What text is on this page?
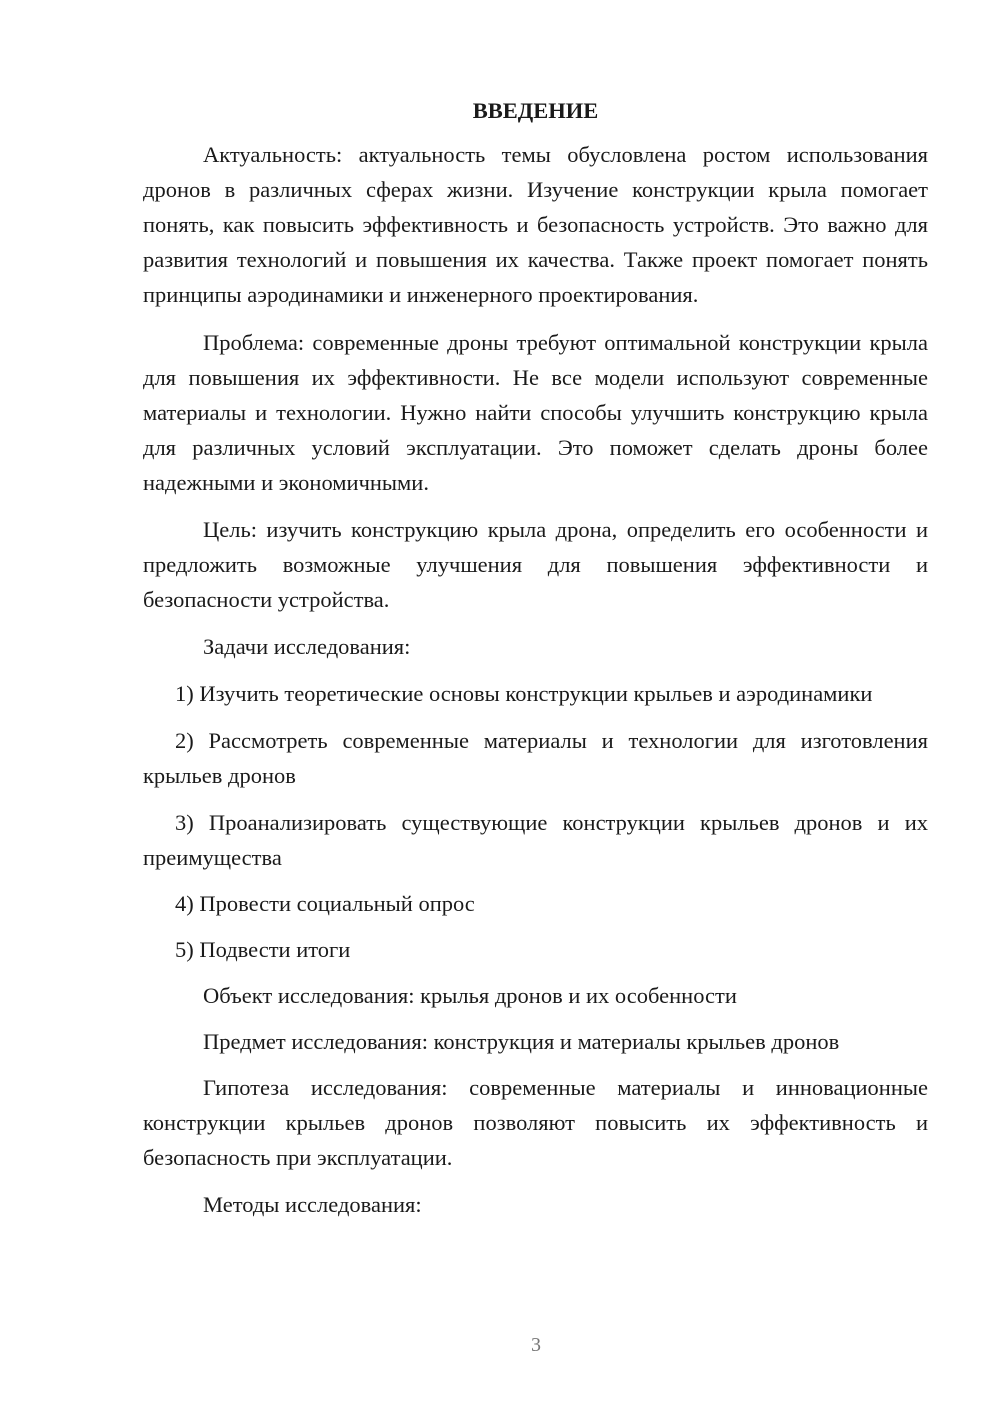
ВВЕДЕНИЕ

Актуальность: актуальность темы обусловлена ростом использования дронов в различных сферах жизни. Изучение конструкции крыла помогает понять, как повысить эффективность и безопасность устройств. Это важно для развития технологий и повышения их качества. Также проект помогает понять принципы аэродинамики и инженерного проектирования.

Проблема: современные дроны требуют оптимальной конструкции крыла для повышения их эффективности. Не все модели используют современные материалы и технологии. Нужно найти способы улучшить конструкцию крыла для различных условий эксплуатации. Это поможет сделать дроны более надежными и экономичными.

Цель: изучить конструкцию крыла дрона, определить его особенности и предложить возможные улучшения для повышения эффективности и безопасности устройства.

Задачи исследования:

1) Изучить теоретические основы конструкции крыльев и аэродинамики

2) Рассмотреть современные материалы и технологии для изготовления крыльев дронов

3) Проанализировать существующие конструкции крыльев дронов и их преимущества

4) Провести социальный опрос

5) Подвести итоги

Объект исследования: крылья дронов и их особенности

Предмет исследования: конструкция и материалы крыльев дронов

Гипотеза исследования: современные материалы и инновационные конструкции крыльев дронов позволяют повысить их эффективность и безопасность при эксплуатации.

Методы исследования:

3
